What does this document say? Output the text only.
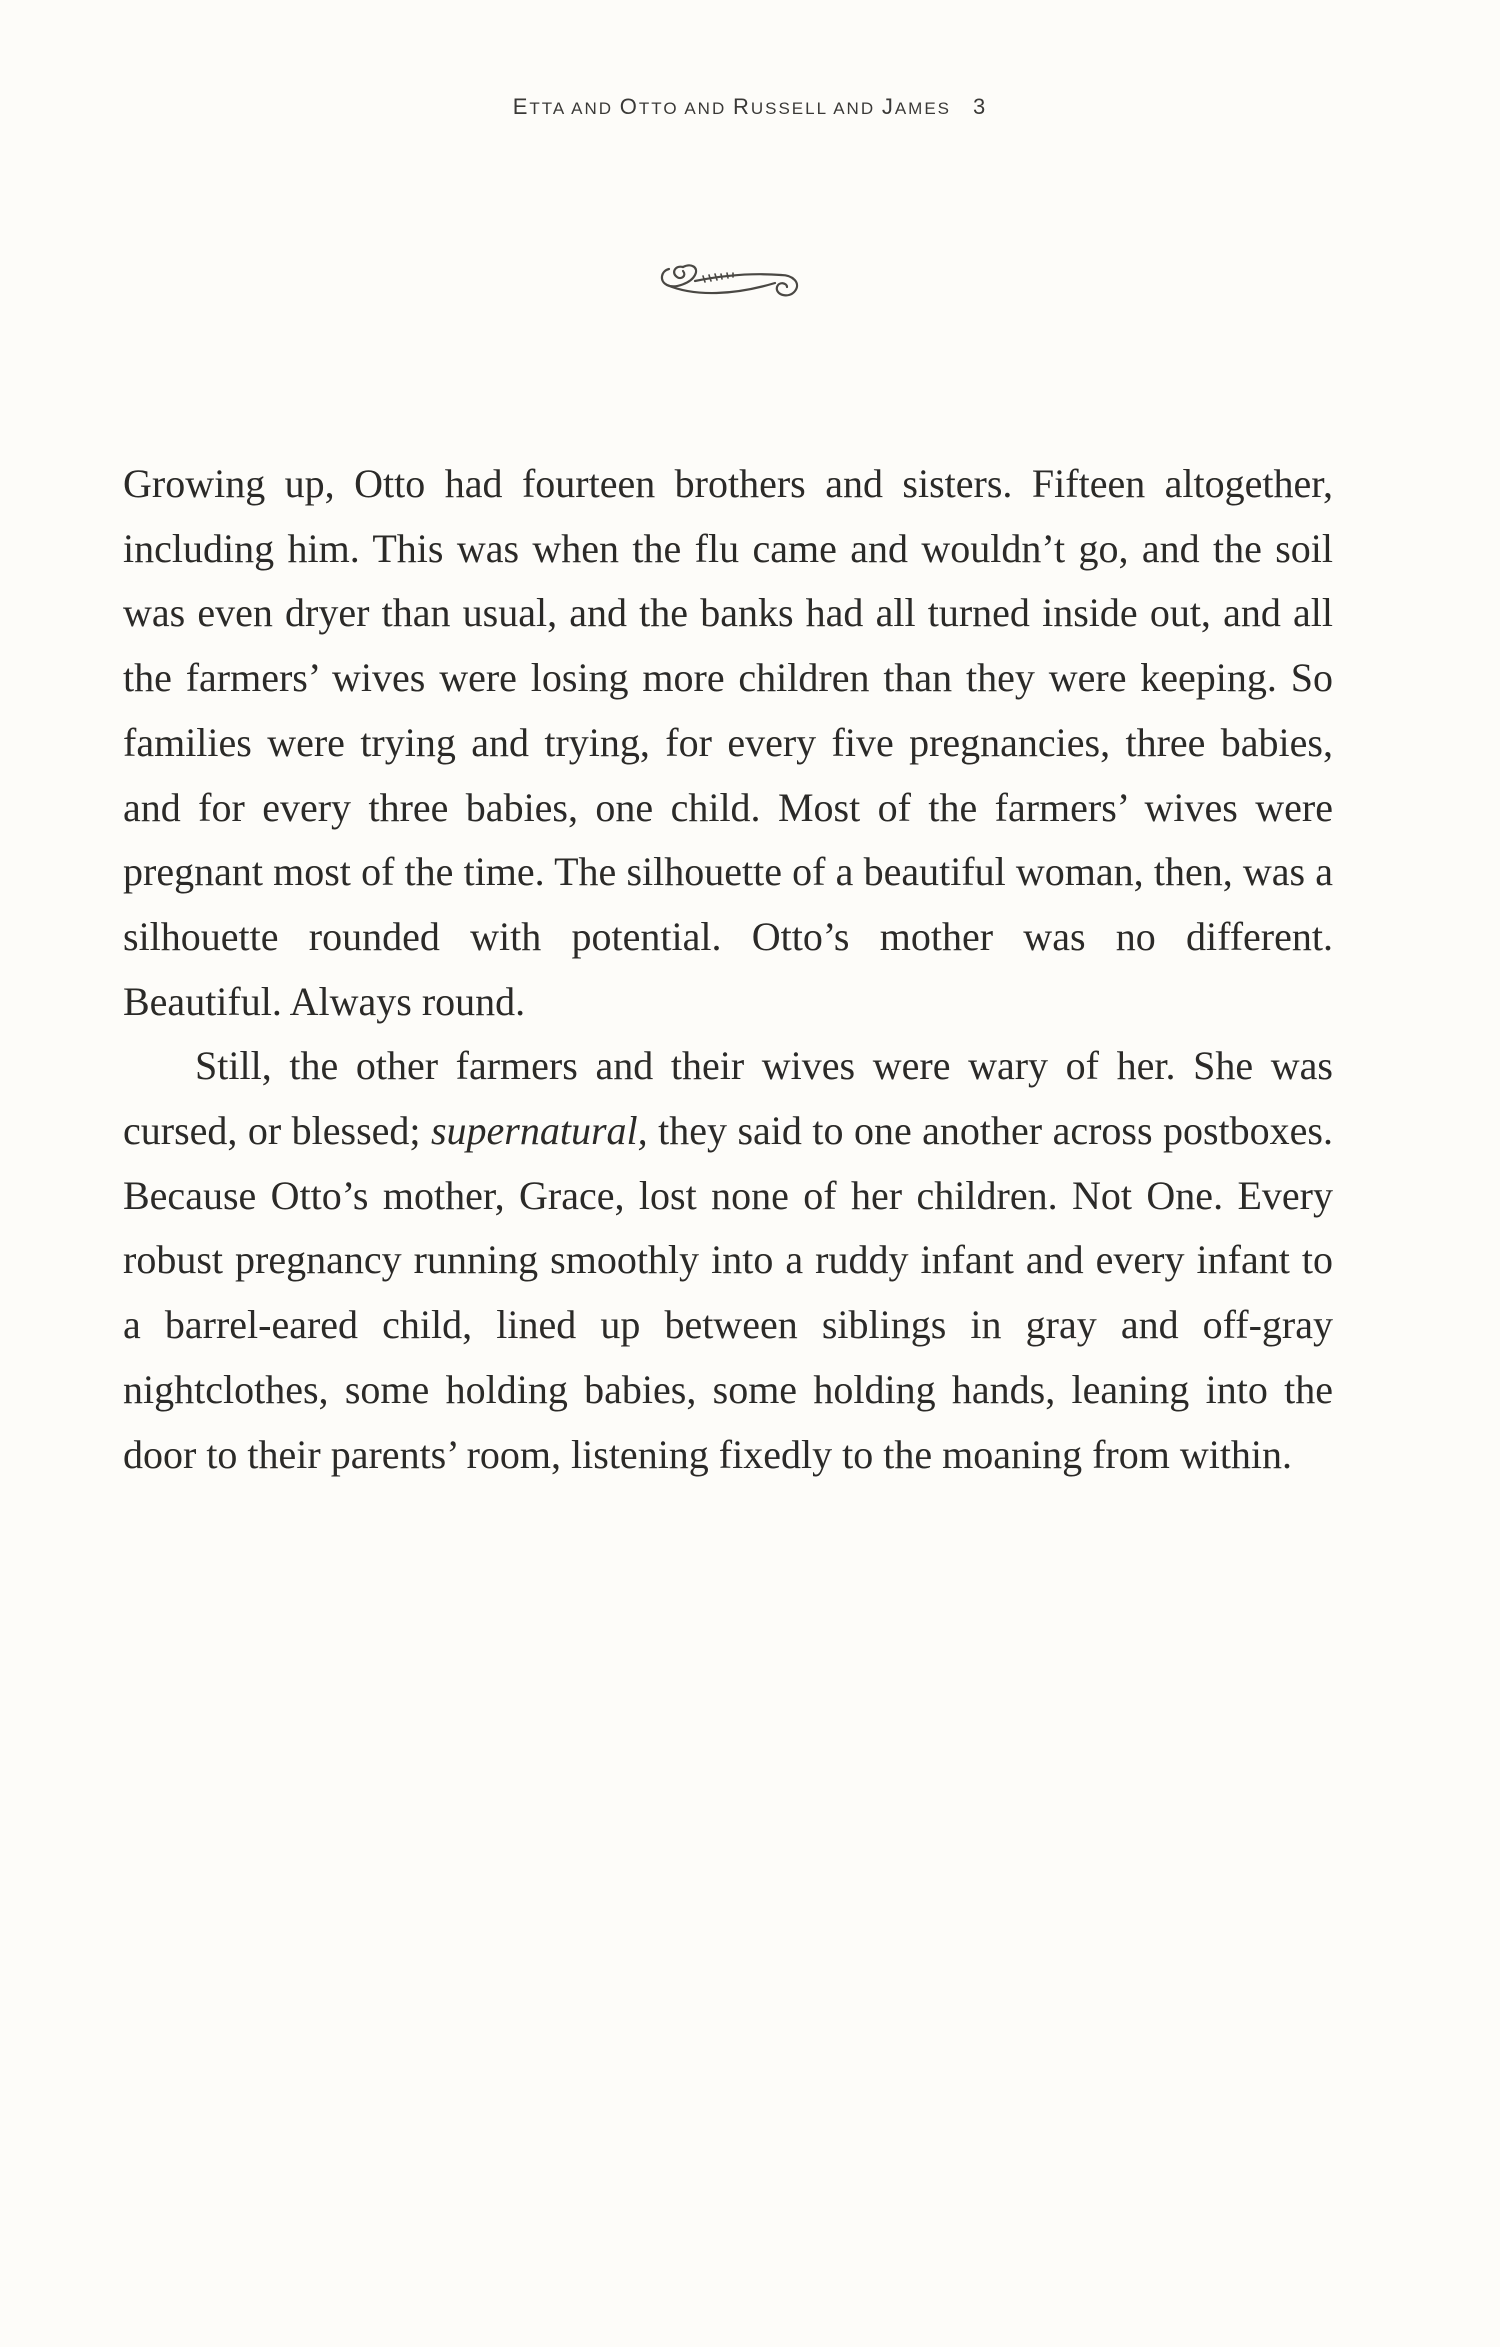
ETTA AND OTTO AND RUSSELL AND JAMES 3

Growing up, Otto had fourteen brothers and sisters. Fifteen altogether, including him. This was when the flu came and wouldn’t go, and the soil was even dryer than usual, and the banks had all turned inside out, and all the farmers’ wives were losing more children than they were keeping. So families were trying and trying, for every five pregnancies, three babies, and for every three babies, one child. Most of the farmers’ wives were pregnant most of the time. The silhouette of a beautiful woman, then, was a silhouette rounded with potential. Otto’s mother was no different. Beautiful. Always round.

Still, the other farmers and their wives were wary of her. She was cursed, or blessed; supernatural, they said to one another across postboxes. Because Otto’s mother, Grace, lost none of her children. Not One. Every robust pregnancy running smoothly into a ruddy infant and every infant to a barrel-eared child, lined up between siblings in gray and off-gray nightclothes, some holding babies, some holding hands, leaning into the door to their parents’ room, listening fixedly to the moaning from within.
